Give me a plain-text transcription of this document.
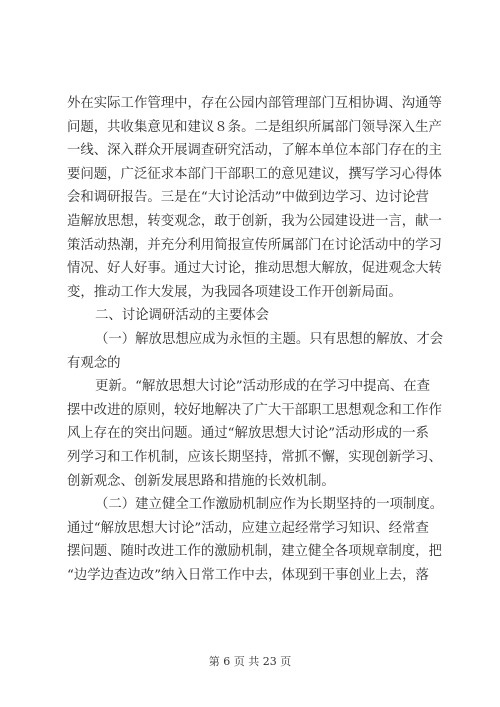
外在实际工作管理中，存在公园内部管理部门互相协调、沟通等
问题，共收集意见和建议８条。二是组织所属部门领导深入生产
一线、深入群众开展调查研究活动，了解本单位本部门存在的主
要问题，广泛征求本部门干部职工的意见建议，撰写学习心得体
会和调研报告。三是在“大讨论活动”中做到边学习、边讨论营
造解放思想，转变观念，敢于创新，我为公园建设进一言，献一
策活动热潮，并充分利用简报宣传所属部门在讨论活动中的学习
情况、好人好事。通过大讨论，推动思想大解放，促进观念大转
变，推动工作大发展，为我园各项建设工作开创新局面。
二、讨论调研活动的主要体会
（一）解放思想应成为永恒的主题。只有思想的解放、才会
有观念的
更新。“解放思想大讨论”活动形成的在学习中提高、在查
摆中改进的原则，较好地解决了广大干部职工思想观念和工作作
风上存在的突出问题。通过“解放思想大讨论”活动形成的一系
列学习和工作机制，应该长期坚持，常抓不懈，实现创新学习、
创新观念、创新发展思路和措施的长效机制。
（二）建立健全工作激励机制应作为长期坚持的一项制度。
通过“解放思想大讨论”活动，应建立起经常学习知识、经常查
摆问题、随时改进工作的激励机制，建立健全各项规章制度，把
“边学边查边改”纳入日常工作中去，体现到干事创业上去，落
第 6 页 共 23 页
